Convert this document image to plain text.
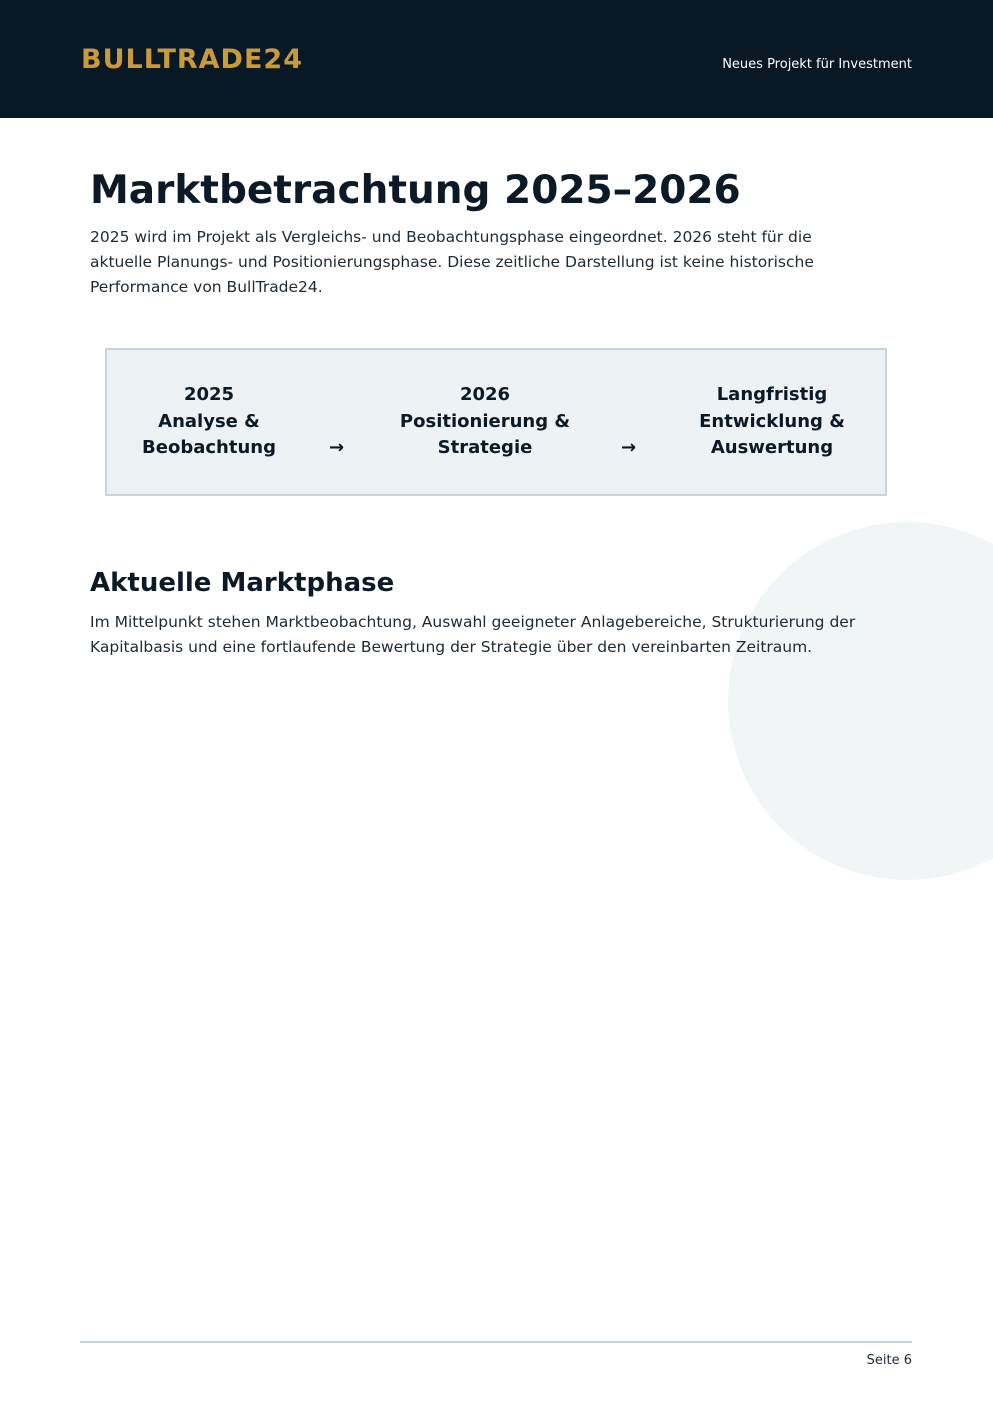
BULLTRADE24	Neues Projekt für Investment
Marktbetrachtung 2025–2026

2025 wird im Projekt als Vergleichs- und Beobachtungsphase eingeordnet. 2026 steht für die aktuelle Planungs- und Positionierungsphase. Diese zeitliche Darstellung ist keine historische Performance von BullTrade24.

2025
Analyse &
Beobachtung	→
2026
Positionierung &
Strategie	→
Langfristig
Entwicklung &
Auswertung
Aktuelle Marktphase

Im Mittelpunkt stehen Marktbeobachtung, Auswahl geeigneter Anlagebereiche, Strukturierung der Kapitalbasis und eine fortlaufende Bewertung der Strategie über den vereinbarten Zeitraum.

Seite 6
